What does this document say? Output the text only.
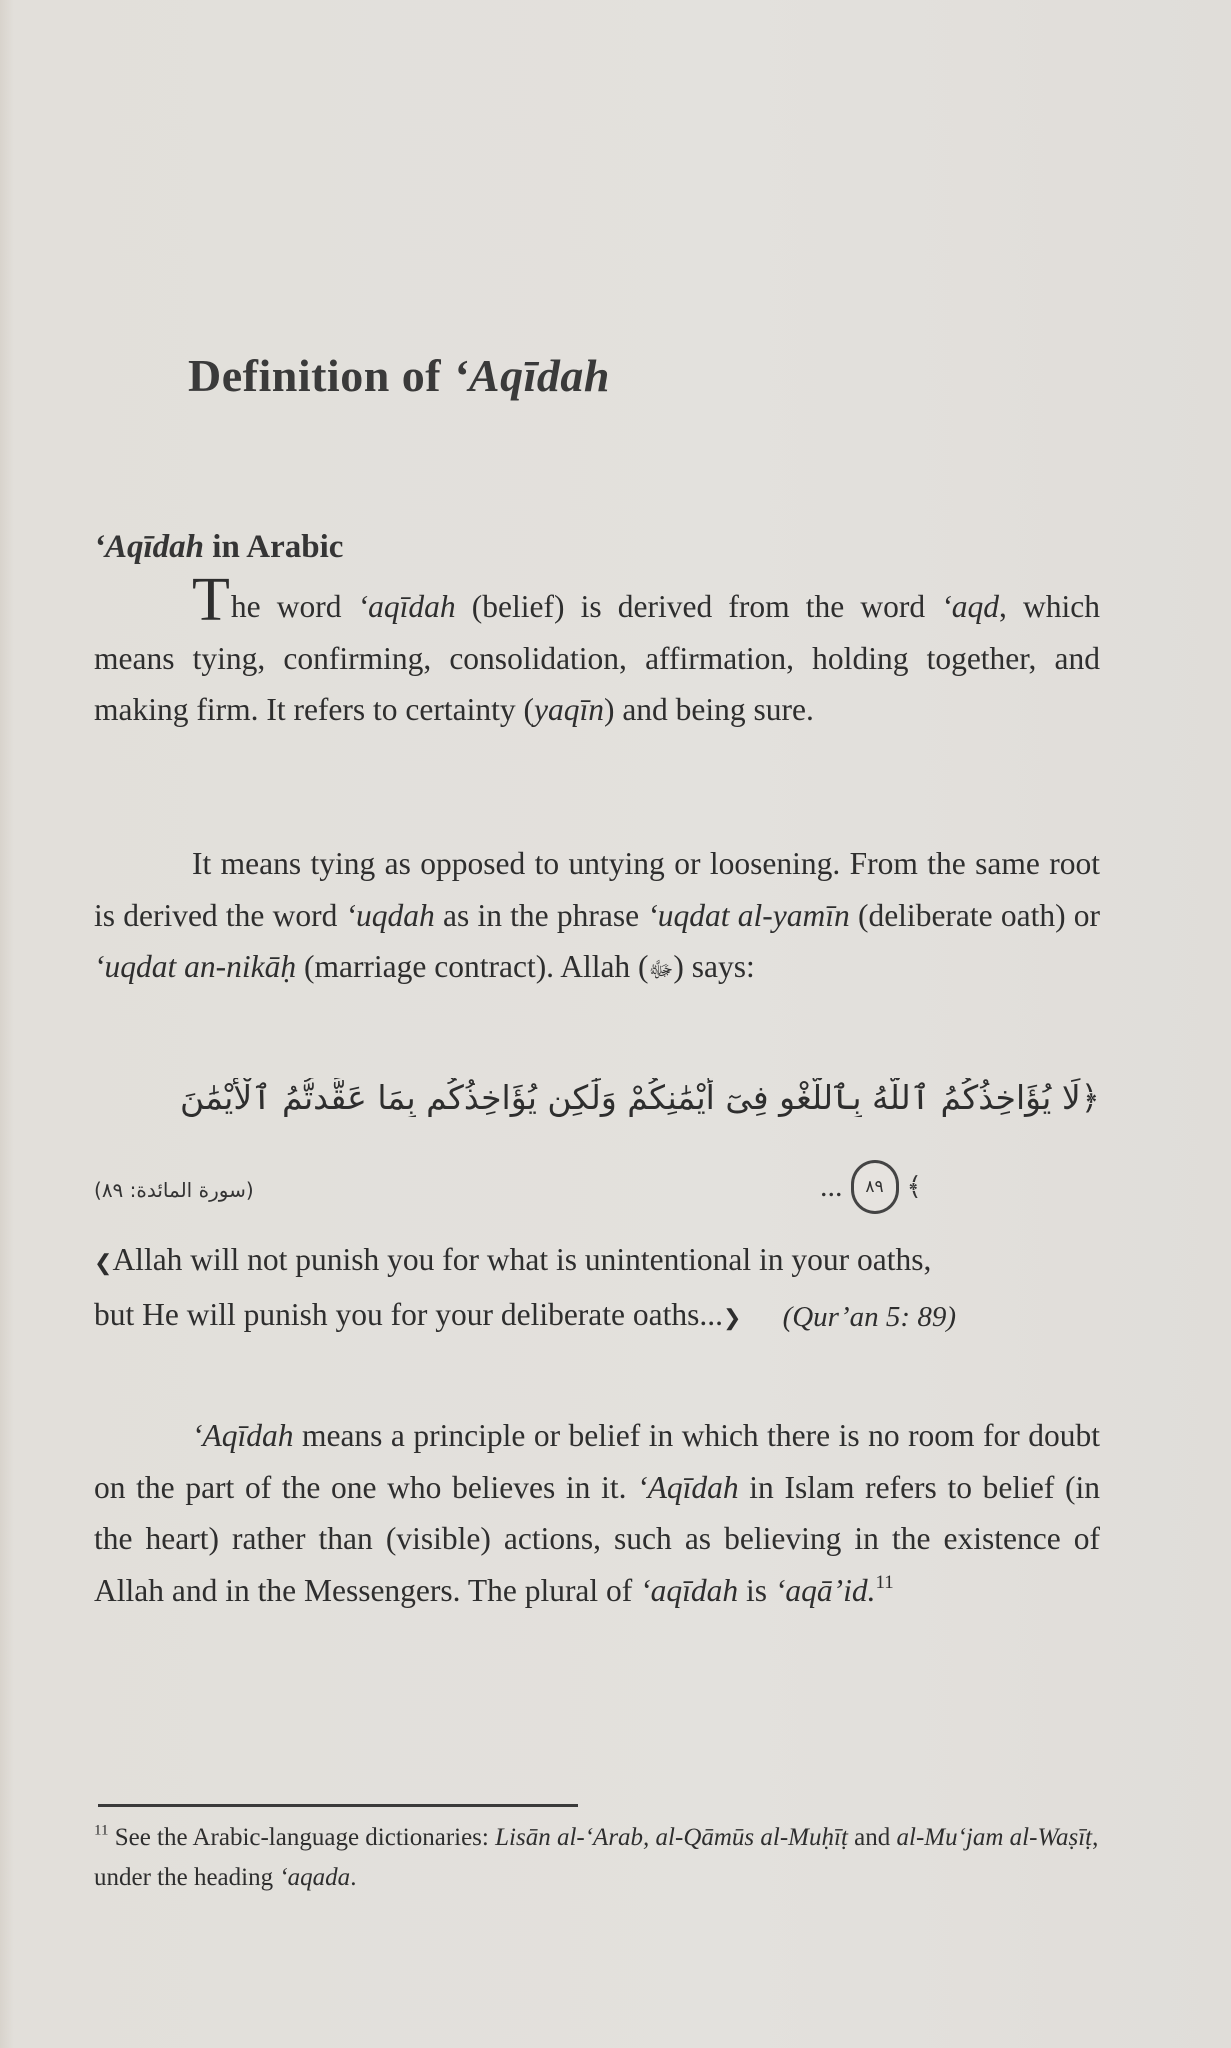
Definition of ‘Aqīdah
‘Aqīdah in Arabic

The word ‘aqīdah (belief) is derived from the word ‘aqd, which means tying, confirming, consolidation, affirmation, holding together, and making firm. It refers to certainty (yaqīn) and being sure.

It means tying as opposed to untying or loosening. From the same root is derived the word ‘uqdah as in the phrase ‘uqdat al-yamīn (deliberate oath) or ‘uqdat an-nikāḥ (marriage contract). Allah (ﷻ) says:

﴿لَا يُؤَاخِذُكُمُ ٱللَّهُ بِٱللَّغْوِ فِىٓ أَيْمَٰنِكُمْ وَلَٰكِن يُؤَاخِذُكُم بِمَا عَقَّدتُّمُ ٱلْأَيْمَٰنَ
... ٨٩ ﴾
(سورة المائدة: ٨٩)
❮Allah will not punish you for what is unintentional in your oaths, but He will punish you for your deliberate oaths...❯ (Qur’an 5: 89)

‘Aqīdah means a principle or belief in which there is no room for doubt on the part of the one who believes in it. ‘Aqīdah in Islam refers to belief (in the heart) rather than (visible) actions, such as believing in the existence of Allah and in the Messengers. The plural of ‘aqīdah is ‘aqā’id.$^{11}$

$^{11}$ See the Arabic-language dictionaries: Lisān al-‘Arab, al-Qāmūs al-Muḥīṭ and al-Mu‘jam al-Waṣīṭ, under the heading ‘aqada.
